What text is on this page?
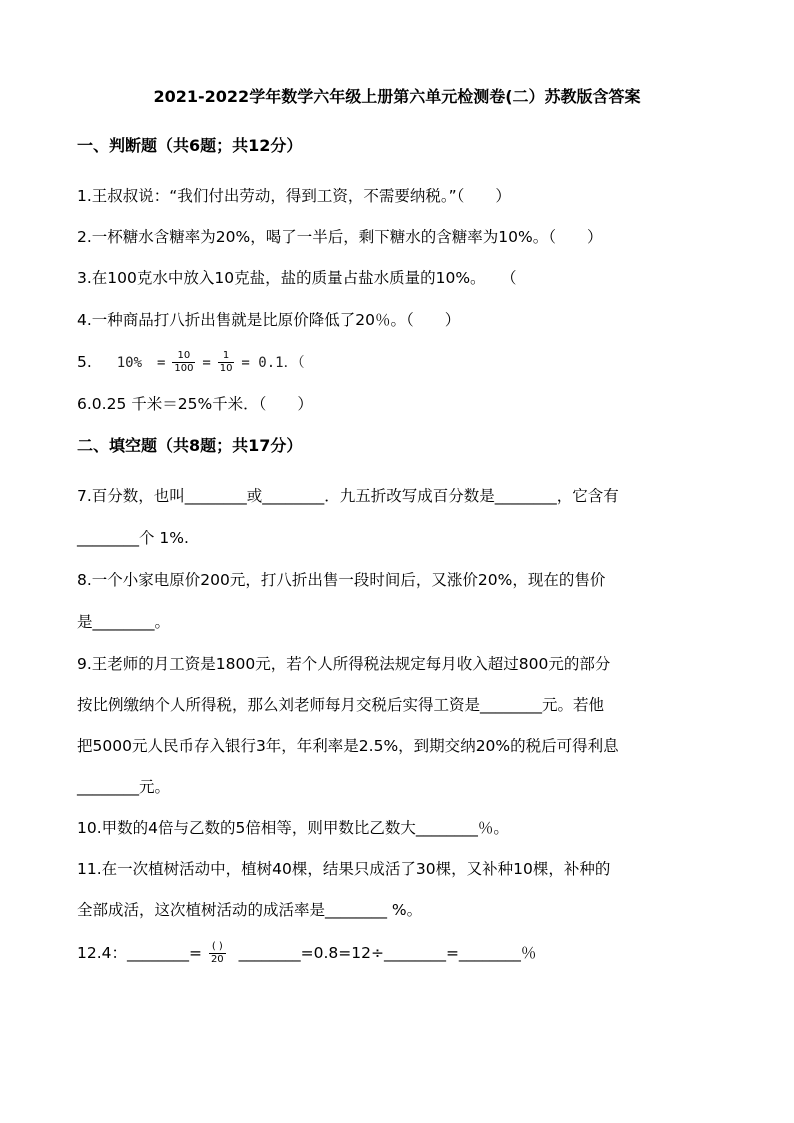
2021-2022学年数学六年级上册第六单元检测卷(二）苏教版含答案
一、判断题（共6题；共12分）
1.王叔叔说：“我们付出劳动，得到工资，不需要纳税。”（　　）
2.一杯糖水含糖率为20%，喝了一半后，剩下糖水的含糖率为10%。（　　）
3.在100克水中放入10克盐，盐的质量占盐水质量的10%。　　（
4.一种商品打八折出售就是比原价降低了20％。（　　）
5. $10\% = \frac{10}{100} = \frac{1}{10} = 0.1$．（
6.0.25 千米＝25%千米．（　　）
二、填空题（共8题；共17分）
7.百分数，也叫________或________．九五折改写成百分数是________，它含有
________个 1%.
8.一个小家电原价200元，打八折出售一段时间后，又涨价20%，现在的售价
是________。
9.王老师的月工资是1800元，若个人所得税法规定每月收入超过800元的部分
按比例缴纳个人所得税，那么刘老师每月交税后实得工资是________元。若他
把5000元人民币存入银行3年，年利率是2.5%，到期交纳20%的税后可得利息
________元。
10.甲数的4倍与乙数的5倍相等，则甲数比乙数大________％。
11.在一次植树活动中，植树40棵，结果只成活了30棵，又补种10棵，补种的
全部成活，这次植树活动的成活率是________ %。
12.4：________= $\frac{( )}{20}$ ________=0.8=12÷________=________％
